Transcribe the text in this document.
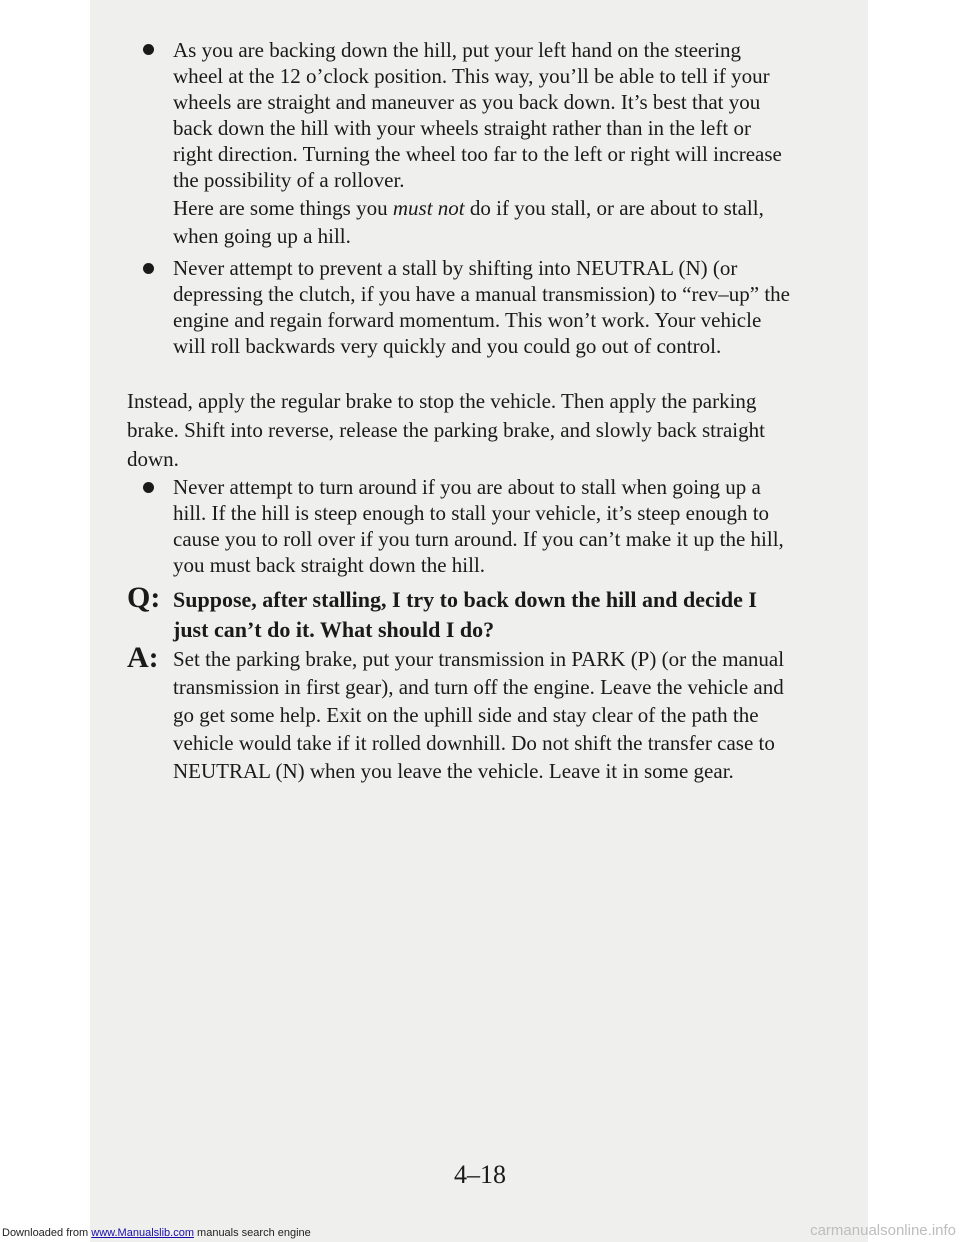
As you are backing down the hill, put your left hand on the steering wheel at the 12 o’clock position. This way, you’ll be able to tell if your wheels are straight and maneuver as you back down. It’s best that you back down the hill with your wheels straight rather than in the left or right direction. Turning the wheel too far to the left or right will increase the possibility of a rollover.

Here are some things you must not do if you stall, or are about to stall, when going up a hill.

Never attempt to prevent a stall by shifting into NEUTRAL (N) (or depressing the clutch, if you have a manual transmission) to “rev–up” the engine and regain forward momentum. This won’t work. Your vehicle will roll backwards very quickly and you could go out of control.

Instead, apply the regular brake to stop the vehicle. Then apply the parking brake. Shift into reverse, release the parking brake, and slowly back straight down.

Never attempt to turn around if you are about to stall when going up a hill. If the hill is steep enough to stall your vehicle, it’s steep enough to cause you to roll over if you turn around. If you can’t make it up the hill, you must back straight down the hill.

Q: Suppose, after stalling, I try to back down the hill and decide I just can’t do it. What should I do?

A: Set the parking brake, put your transmission in PARK (P) (or the manual transmission in first gear), and turn off the engine. Leave the vehicle and go get some help. Exit on the uphill side and stay clear of the path the vehicle would take if it rolled downhill. Do not shift the transfer case to NEUTRAL (N) when you leave the vehicle. Leave it in some gear.

4–18
Downloaded from www.Manualslib.com manuals search engine	carmanualsonline.info
